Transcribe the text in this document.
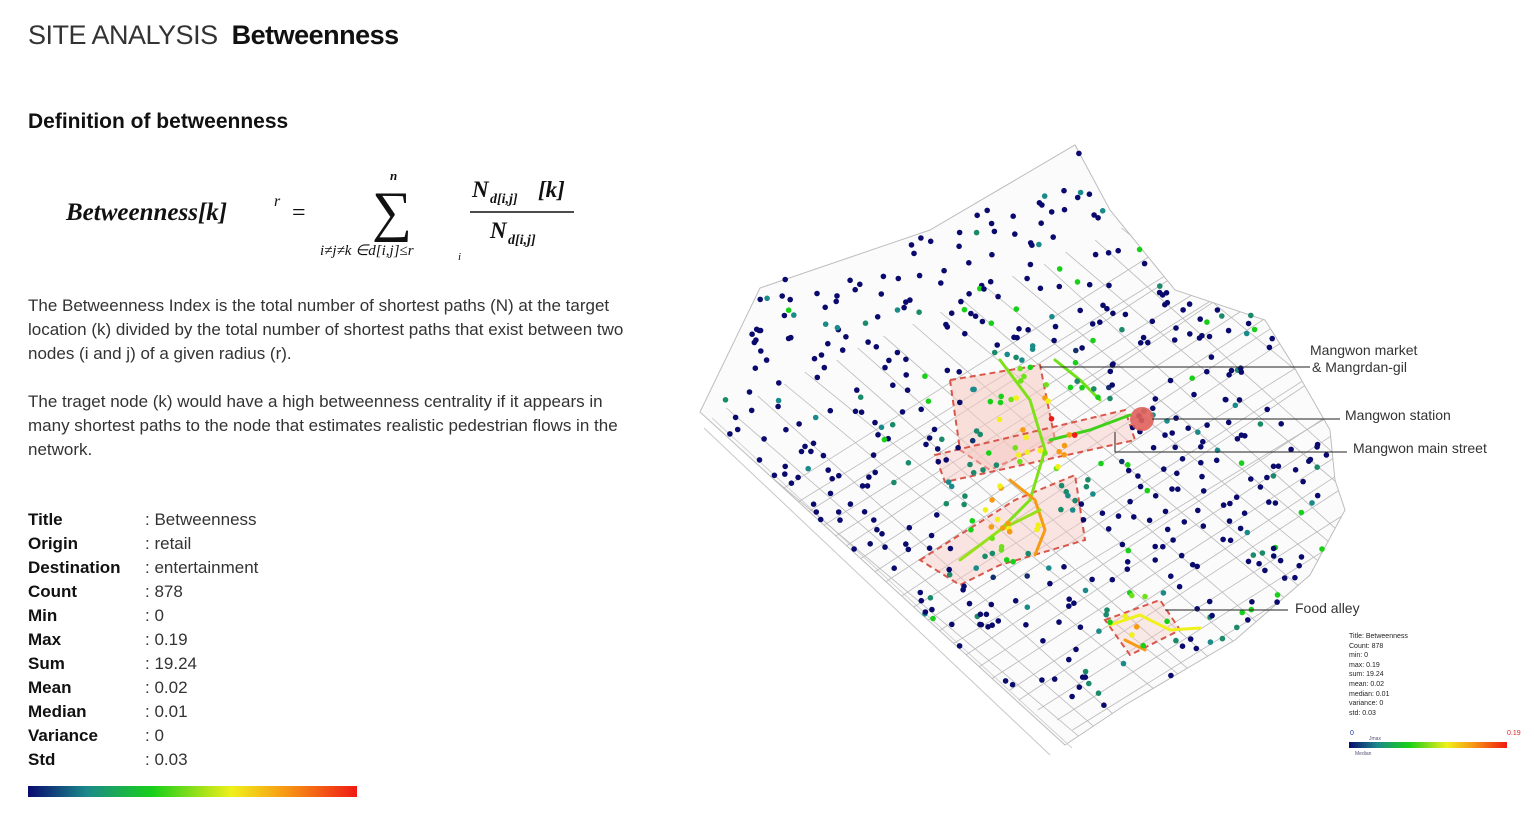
SITE ANALYSIS Betweenness
Definition of betweenness
Betweenness[k]	r =
n
∑
i≠j≠k ∈d[i,j]≤r	i
N d[i,j] [k]
N d[i,j]

The Betweenness Index is the total number of shortest paths (N) at the target location (k) divided by the total number of shortest paths that exist between two nodes (i and j) of a given radius (r).

The traget node (k) would have a high betweenness centrality if it appears in many shortest paths to the node that estimates realistic pedestrian flows in the network.

Title	: Betweenness
Origin	: retail
Destination	: entertainment
Count	: 878
Min	: 0
Max	: 0.19
Sum	: 19.24
Mean	: 0.02
Median	: 0.01
Variance	: 0
Std	: 0.03
Mangwon market
& Mangrdan-gil
Mangwon station
Mangwon main street
Food alley
Title: Betweenness
Count: 878
min: 0
max: 0.19
sum: 19.24
mean: 0.02
median: 0.01
variance: 0
std: 0.03
0
Jmax
0.19
Median
